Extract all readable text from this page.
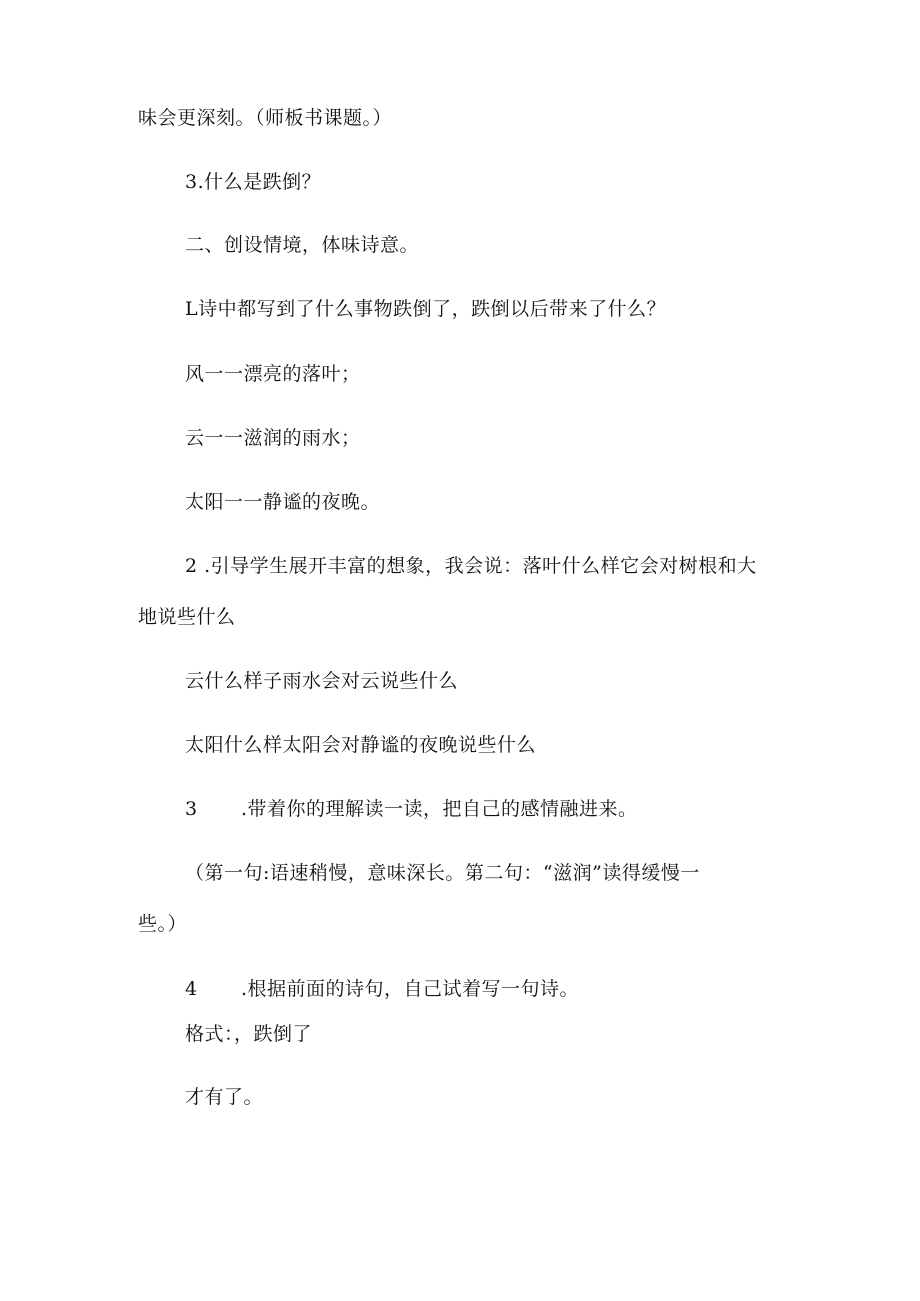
味会更深刻。（师板书课题。）
3.什么是跌倒？
二、创设情境，体味诗意。
L诗中都写到了什么事物跌倒了，跌倒以后带来了什么？
风一一漂亮的落叶；
云一一滋润的雨水；
太阳一一静谧的夜晚。
2 .引导学生展开丰富的想象，我会说：落叶什么样它会对树根和大
地说些什么
云什么样子雨水会对云说些什么
太阳什么样太阳会对静谧的夜晚说些什么
3 .带着你的理解读一读，把自己的感情融进来。
（第一句:语速稍慢，意味深长。第二句：“滋润”读得缓慢一
些。）
4 .根据前面的诗句，自己试着写一句诗。
格式：，跌倒了
才有了。
